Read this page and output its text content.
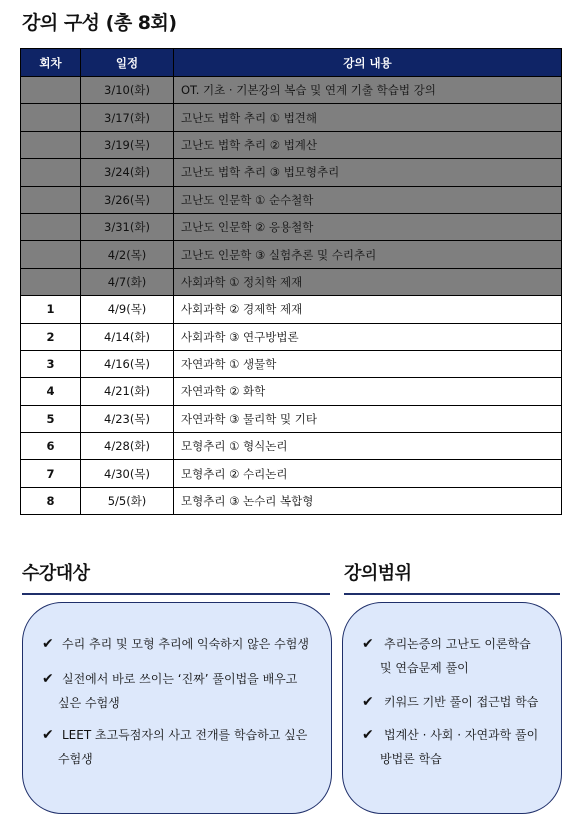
강의 구성 (총 8회)
회차	일정	강의 내용
	3/10(화)	OT. 기초 · 기본강의 복습 및 연계 기출 학습법 강의
	3/17(화)	고난도 법학 추리 ① 법견해
	3/19(목)	고난도 법학 추리 ② 법계산
	3/24(화)	고난도 법학 추리 ③ 법모형추리
	3/26(목)	고난도 인문학 ① 순수철학
	3/31(화)	고난도 인문학 ② 응용철학
	4/2(목)	고난도 인문학 ③ 실험추론 및 수리추리
	4/7(화)	사회과학 ① 정치학 제재
1	4/9(목)	사회과학 ② 경제학 제재
2	4/14(화)	사회과학 ③ 연구방법론
3	4/16(목)	자연과학 ① 생물학
4	4/21(화)	자연과학 ② 화학
5	4/23(목)	자연과학 ③ 물리학 및 기타
6	4/28(화)	모형추리 ① 형식논리
7	4/30(목)	모형추리 ② 수리논리
8	5/5(화)	모형추리 ③ 논수리 복합형
수강대상
✔ 수리 추리 및 모형 추리에 익숙하지 않은 수험생
✔ 실전에서 바로 쓰이는 ‘진짜’ 풀이법을 배우고
싶은 수험생
✔ LEET 초고득점자의 사고 전개를 학습하고 싶은
수험생
강의범위
✔ 추리논증의 고난도 이론학습
및 연습문제 풀이
✔ 키워드 기반 풀이 접근법 학습
✔ 법계산 · 사회 · 자연과학 풀이
방법론 학습
